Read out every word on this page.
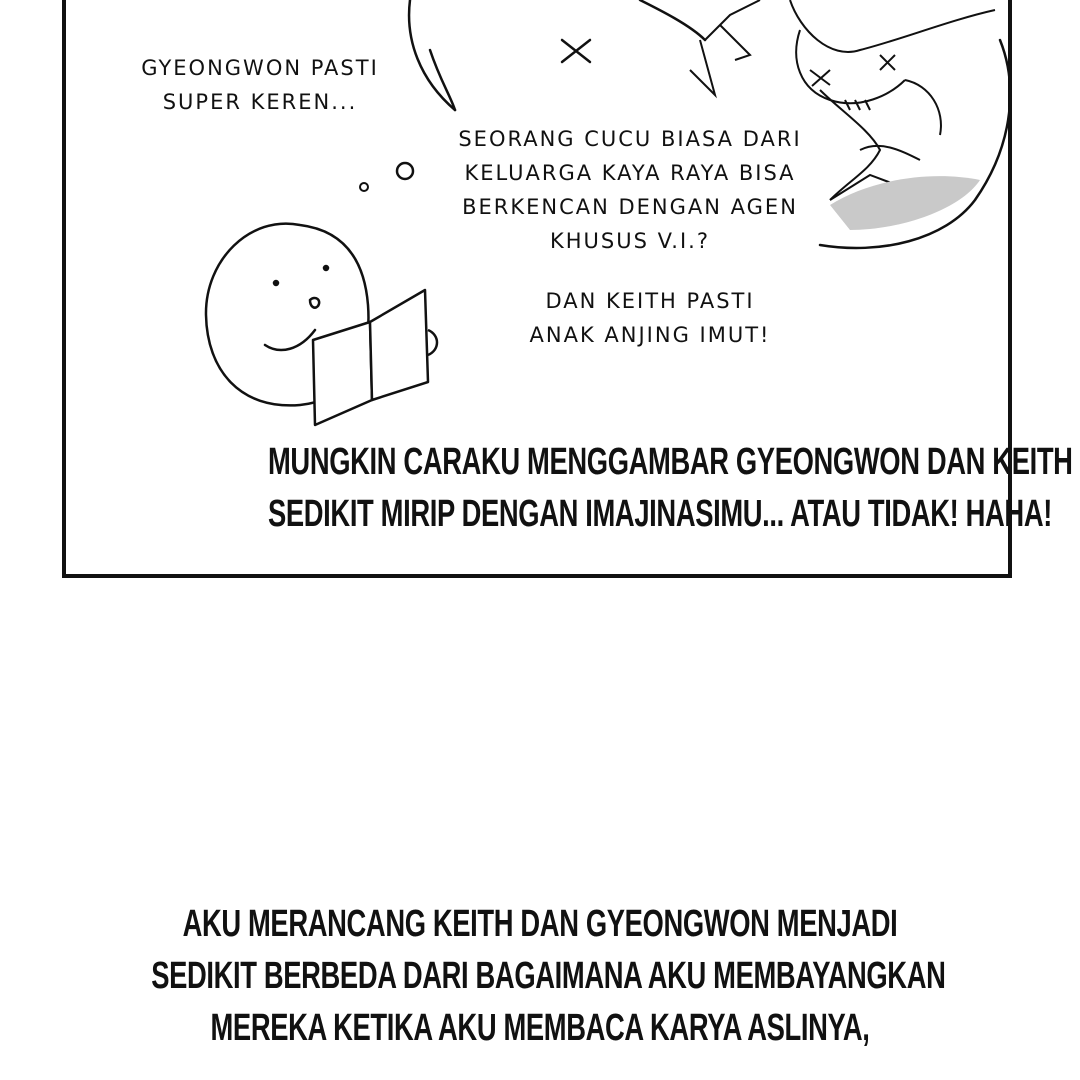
GYEONGWON PASTI
SUPER KEREN...
SEORANG CUCU BIASA DARI
KELUARGA KAYA RAYA BISA
BERKENCAN DENGAN AGEN
KHUSUS V.I.?
DAN KEITH PASTI
ANAK ANJING IMUT!
MUNGKIN CARAKU MENGGAMBAR GYEONGWON DAN KEITH
SEDIKIT MIRIP DENGAN IMAJINASIMU... ATAU TIDAK! HAHA!
AKU MERANCANG KEITH DAN GYEONGWON MENJADI
SEDIKIT BERBEDA DARI BAGAIMANA AKU MEMBAYANGKAN
MEREKA KETIKA AKU MEMBACA KARYA ASLINYA,
